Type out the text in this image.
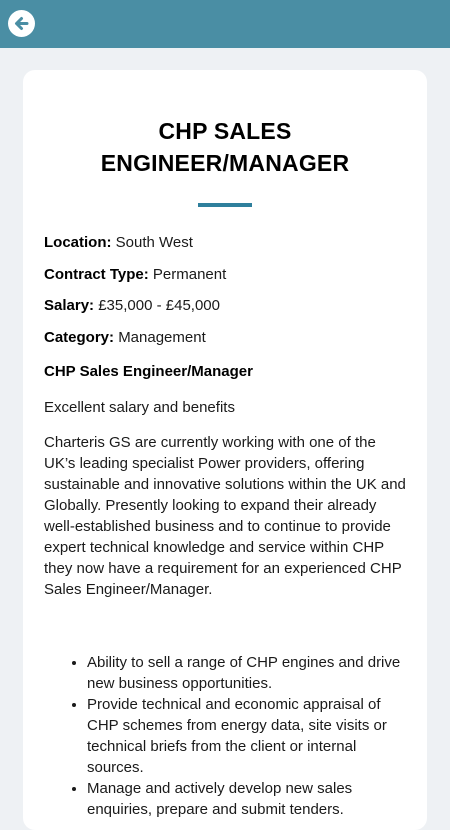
CHP SALES ENGINEER/MANAGER
Location: South West
Contract Type: Permanent
Salary: £35,000 - £45,000
Category: Management
CHP Sales Engineer/Manager
Excellent salary and benefits
Charteris GS are currently working with one of the UK’s leading specialist Power providers, offering sustainable and innovative solutions within the UK and Globally. Presently looking to expand their already well-established business and to continue to provide expert technical knowledge and service within CHP they now have a requirement for an experienced CHP Sales Engineer/Manager.
• Ability to sell a range of CHP engines and drive new business opportunities.
• Provide technical and economic appraisal of CHP schemes from energy data, site visits or technical briefs from the client or internal sources.
• Manage and actively develop new sales enquiries, prepare and submit tenders.
